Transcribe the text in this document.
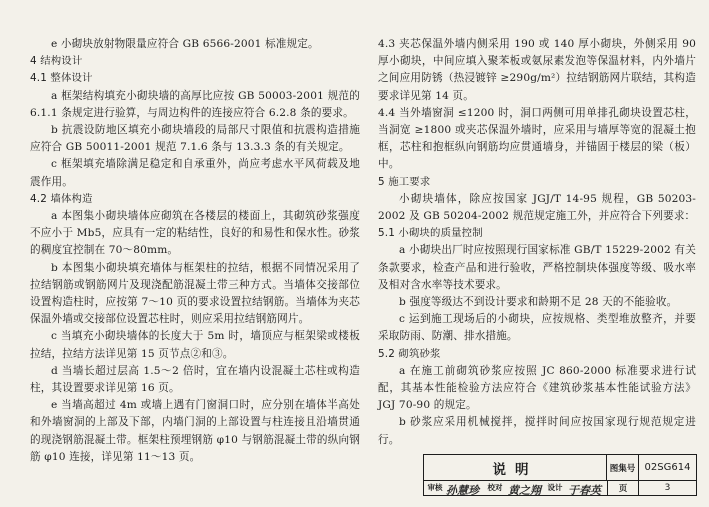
e 小砌块放射物限量应符合 GB 6566-2001 标准规定。

4 结构设计

4.1 整体设计

a 框架结构填充小砌块墙的高厚比应按 GB 50003-2001 规范的 6.1.1 条规定进行验算，与周边构件的连接应符合 6.2.8 条的要求。

b 抗震设防地区填充小砌块墙段的局部尺寸限值和抗震构造措施应符合 GB 50011-2001 规范 7.1.6 条与 13.3.3 条的有关规定。

c 框架填充墙除满足稳定和自承重外，尚应考虑水平风荷载及地震作用。

4.2 墙体构造

a 本图集小砌块墙体应砌筑在各楼层的楼面上，其砌筑砂浆强度不应小于 Mb5，应具有一定的粘结性，良好的和易性和保水性。砂浆的稠度宜控制在 70～80mm。

b 本图集小砌块填充墙体与框架柱的拉结，根据不同情况采用了拉结钢筋或钢筋网片及现浇配筋混凝土带三种方式。当墙体交接部位设置构造柱时，应按第 7～10 页的要求设置拉结钢筋。当墙体为夹芯保温外墙或交接部位设置芯柱时，则应采用拉结钢筋网片。

c 当填充小砌块墙体的长度大于 5m 时，墙顶应与框架梁或楼板拉结，拉结方法详见第 15 页节点②和③。

d 当墙长超过层高 1.5～2 倍时，宜在墙内设混凝土芯柱或构造柱，其设置要求详见第 16 页。

e 当墙高超过 4m 或墙上遇有门窗洞口时，应分别在墙体半高处和外墙窗洞的上部及下部，内墙门洞的上部设置与柱连接且沿墙贯通的现浇钢筋混凝土带。框架柱预埋钢筋 φ10 与钢筋混凝土带的纵向钢筋 φ10 连接，详见第 11～13 页。

4.3 夹芯保温外墙内侧采用 190 或 140 厚小砌块，外侧采用 90 厚小砌块，中间应填入聚苯板或氨尿素发泡等保温材料，内外墙片之间应用防锈（热浸镀锌 ≥290g/m²）拉结钢筋网片联结，其构造要求详见第 14 页。

4.4 当外墙窗洞 ≤1200 时，洞口两侧可用单排孔砌块设置芯柱，当洞宽 ≥1800 或夹芯保温外墙时，应采用与墙厚等宽的混凝土抱框，芯柱和抱框纵向钢筋均应贯通墙身，并锚固于楼层的梁（板）中。

5 施工要求

小砌块墙体，除应按国家 JGJ/T 14-95 规程，GB 50203-2002 及 GB 50204-2002 规范规定施工外，并应符合下列要求：

5.1 小砌块的质量控制

a 小砌块出厂时应按照现行国家标准 GB/T 15229-2002 有关条款要求，检查产品和进行验收，严格控制块体强度等级、吸水率及相对含水率等技术要求。

b 强度等级达不到设计要求和龄期不足 28 天的不能验收。

c 运到施工现场后的小砌块，应按规格、类型堆放整齐，并要采取防雨、防潮、排水措施。

5.2 砌筑砂浆

a 在施工前砌筑砂浆应按照 JC 860-2000 标准要求进行试配，其基本性能检验方法应符合《建筑砂浆基本性能试验方法》JGJ 70-90 的规定。

b 砂浆应采用机械搅拌，搅拌时间应按国家现行规范规定进行。

说明	图集号 02SG614
审核 孙慧珍 校对 黄之翔 设计 于春英	页	3
